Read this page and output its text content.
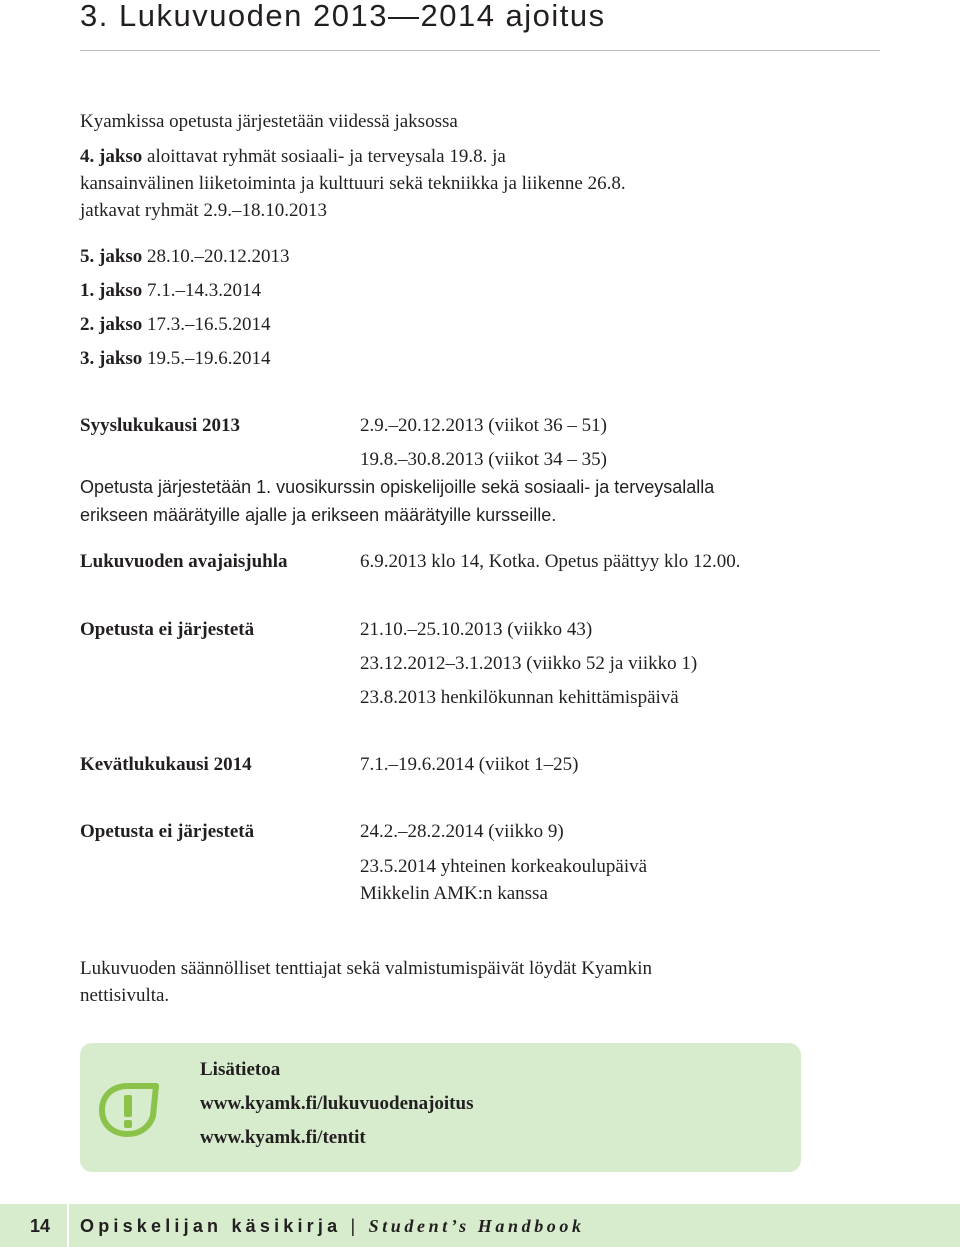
3. Lukuvuoden 2013—2014 ajoitus
Kyamkissa opetusta järjestetään viidessä jaksossa
4. jakso aloittavat ryhmät sosiaali- ja terveysala 19.8. ja
kansainvälinen liiketoiminta ja kulttuuri sekä tekniikka ja liikenne 26.8.
jatkavat ryhmät 2.9.–18.10.2013
5. jakso 28.10.–20.12.2013
1. jakso 7.1.–14.3.2014
2. jakso 17.3.–16.5.2014
3. jakso 19.5.–19.6.2014
Syyslukukausi 2013	2.9.–20.12.2013 (viikot 36 – 51)
19.8.–30.8.2013 (viikot 34 – 35)
Opetusta järjestetään 1. vuosikurssin opiskelijoille sekä sosiaali- ja terveysalalla
erikseen määrätyille ajalle ja erikseen määrätyille kursseille.
Lukuvuoden avajaisjuhla	6.9.2013 klo 14, Kotka. Opetus päättyy klo 12.00.
Opetusta ei järjestetä	21.10.–25.10.2013 (viikko 43)
23.12.2012–3.1.2013 (viikko 52 ja viikko 1)
23.8.2013 henkilökunnan kehittämispäivä
Kevätlukukausi 2014	7.1.–19.6.2014 (viikot 1–25)
Opetusta ei järjestetä	24.2.–28.2.2014 (viikko 9)
23.5.2014 yhteinen korkeakoulupäivä
Mikkelin AMK:n kanssa
Lukuvuoden säännölliset tenttiajat sekä valmistumispäivät löydät Kyamkin
nettisivulta.
Lisätietoa
www.kyamk.fi/lukuvuodenajoitus
www.kyamk.fi/tentit
14 Opiskelijan käsikirja | Student’s Handbook
